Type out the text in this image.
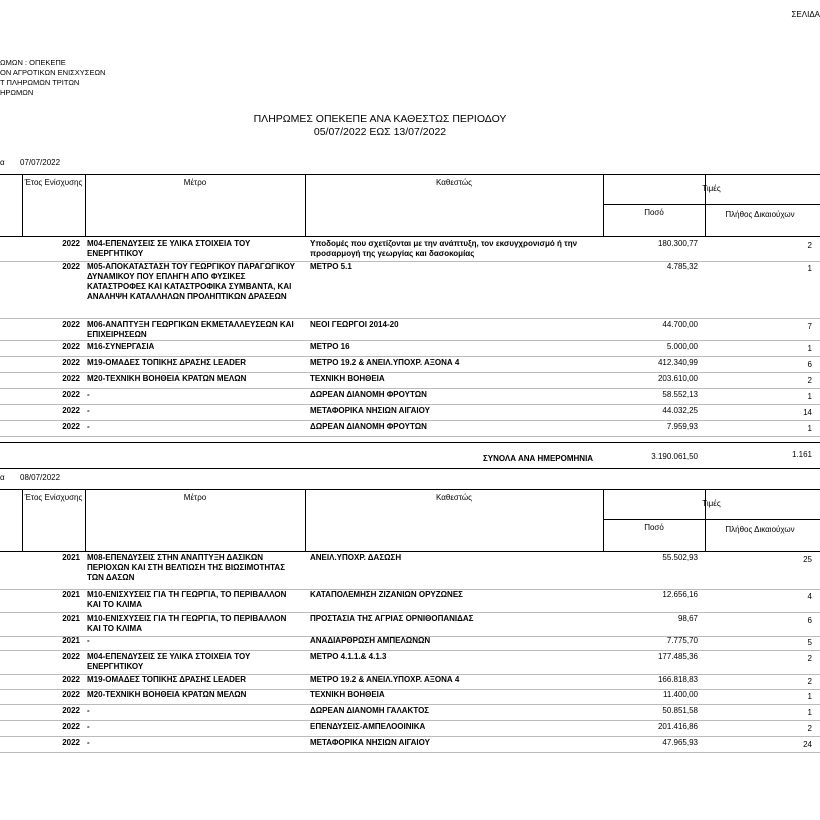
ΣΕΛΙΔΑ
ΩΜΩΝ : ΟΠΕΚΕΠΕ
ΟΝ ΑΓΡΟΤΙΚΩΝ ΕΝΙΣΧΥΣΕΩΝ
Τ ΠΛΗΡΩΜΩΝ ΤΡΙΤΩΝ
ΗΡΩΜΩΝ
ΠΛΗΡΩΜΕΣ ΟΠΕΚΕΠΕ ΑΝΑ ΚΑΘΕΣΤΩΣ ΠΕΡΙΟΔΟΥ
05/07/2022 ΕΩΣ 13/07/2022
α 07/07/2022
Έτος Ενίσχυσης	Μέτρο	Καθεστώς
Τιμές
Ποσό	Πλήθος Δικαιούχων
2022 Μ04-ΕΠΕΝΔΥΣΕΙΣ ΣΕ ΥΛΙΚΑ ΣΤΟΙΧΕΙΑ ΤΟΥ ΕΝΕΡΓΗΤΙΚΟΥ
Υποδομές που σχετίζονται με την ανάπτυξη, τον εκσυγχρονισμό ή την προσαρμογή της γεωργίας και δασοκομίας
180.300,77	2
2022 Μ05-ΑΠΟΚΑΤΑΣΤΑΣΗ ΤΟΥ ΓΕΩΡΓΙΚΟΥ ΠΑΡΑΓΩΓΙΚΟΥ ΔΥΝΑΜΙΚΟΥ ΠΟΥ ΕΠΛΗΓΗ ΑΠΟ ΦΥΣΙΚΕΣ ΚΑΤΑΣΤΡΟΦΕΣ ΚΑΙ ΚΑΤΑΣΤΡΟΦΙΚΑ ΣΥΜΒΑΝΤΑ, ΚΑΙ ΑΝΑΛΗΨΗ ΚΑΤΑΛΛΗΛΩΝ ΠΡΟΛΗΠΤΙΚΩΝ ΔΡΑΣΕΩΝ
ΜΕΤΡΟ 5.1	4.785,32	1
2022 Μ06-ΑΝΑΠΤΥΞΗ ΓΕΩΡΓΙΚΩΝ ΕΚΜΕΤΑΛΛΕΥΣΕΩΝ ΚΑΙ ΕΠΙΧΕΙΡΗΣΕΩΝ
ΝΕΟΙ ΓΕΩΡΓΟΙ 2014-20	44.700,00	7
2022 Μ16-ΣΥΝΕΡΓΑΣΙΑ	ΜΕΤΡΟ 16	5.000,00	1
2022 Μ19-ΟΜΑΔΕΣ ΤΟΠΙΚΗΣ ΔΡΑΣΗΣ LEADER	ΜΕΤΡΟ 19.2 & ΑΝΕΙΛ.ΥΠΟΧΡ. ΑΞΟΝΑ 4	412.340,99	6
2022 Μ20-ΤΕΧΝΙΚΗ ΒΟΗΘΕΙΑ ΚΡΑΤΩΝ ΜΕΛΩΝ	ΤΕΧΝΙΚΗ ΒΟΗΘΕΙΑ	203.610,00	2
2022 -	ΔΩΡΕΑΝ ΔΙΑΝΟΜΗ ΦΡΟΥΤΩΝ	58.552,13	1
2022 -	ΜΕΤΑΦΟΡΙΚΑ ΝΗΣΙΩΝ ΑΙΓΑΙΟΥ	44.032,25	14
2022 -	ΔΩΡΕΑΝ ΔΙΑΝΟΜΗ ΦΡΟΥΤΩΝ	7.959,93	1
ΣΥΝΟΛΑ ΑΝΑ ΗΜΕΡΟΜΗΝΙΑ	3.190.061,50	1.161
α 08/07/2022
Έτος Ενίσχυσης	Μέτρο	Καθεστώς
Τιμές
Ποσό	Πλήθος Δικαιούχων
2021 Μ08-ΕΠΕΝΔΥΣΕΙΣ ΣΤΗΝ ΑΝΑΠΤΥΞΗ ΔΑΣΙΚΩΝ ΠΕΡΙΟΧΩΝ ΚΑΙ ΣΤΗ ΒΕΛΤΙΩΣΗ ΤΗΣ ΒΙΩΣΙΜΟΤΗΤΑΣ ΤΩΝ ΔΑΣΩΝ
ΑΝΕΙΛ.ΥΠΟΧΡ. ΔΑΣΩΣΗ	55.502,93	25
2021 Μ10-ΕΝΙΣΧΥΣΕΙΣ ΓΙΑ ΤΗ ΓΕΩΡΓΙΑ, ΤΟ ΠΕΡΙΒΑΛΛΟΝ ΚΑΙ ΤΟ ΚΛΙΜΑ
ΚΑΤΑΠΟΛΕΜΗΣΗ ΖΙΖΑΝΙΩΝ ΟΡΥΖΩΝΕΣ	12.656,16	4
2021 Μ10-ΕΝΙΣΧΥΣΕΙΣ ΓΙΑ ΤΗ ΓΕΩΡΓΙΑ, ΤΟ ΠΕΡΙΒΑΛΛΟΝ ΚΑΙ ΤΟ ΚΛΙΜΑ
ΠΡΟΣΤΑΣΙΑ ΤΗΣ ΑΓΡΙΑΣ ΟΡΝΙΘΟΠΑΝΙΔΑΣ	98,67	6
2021 -	ΑΝΑΔΙΑΡΘΡΩΣΗ ΑΜΠΕΛΩΝΩΝ	7.775,70	5
2022 Μ04-ΕΠΕΝΔΥΣΕΙΣ ΣΕ ΥΛΙΚΑ ΣΤΟΙΧΕΙΑ ΤΟΥ ΕΝΕΡΓΗΤΙΚΟΥ
ΜΕΤΡΟ 4.1.1.& 4.1.3	177.485,36	2
2022 Μ19-ΟΜΑΔΕΣ ΤΟΠΙΚΗΣ ΔΡΑΣΗΣ LEADER	ΜΕΤΡΟ 19.2 & ΑΝΕΙΛ.ΥΠΟΧΡ. ΑΞΟΝΑ 4	166.818,83	2
2022 Μ20-ΤΕΧΝΙΚΗ ΒΟΗΘΕΙΑ ΚΡΑΤΩΝ ΜΕΛΩΝ	ΤΕΧΝΙΚΗ ΒΟΗΘΕΙΑ	11.400,00	1
2022 -	ΔΩΡΕΑΝ ΔΙΑΝΟΜΗ ΓΑΛΑΚΤΟΣ	50.851,58	1
2022 -	ΕΠΕΝΔΥΣΕΙΣ-ΑΜΠΕΛΟΟΙΝΙΚΑ	201.416,86	2
2022 -	ΜΕΤΑΦΟΡΙΚΑ ΝΗΣΙΩΝ ΑΙΓΑΙΟΥ	47.965,93	24
